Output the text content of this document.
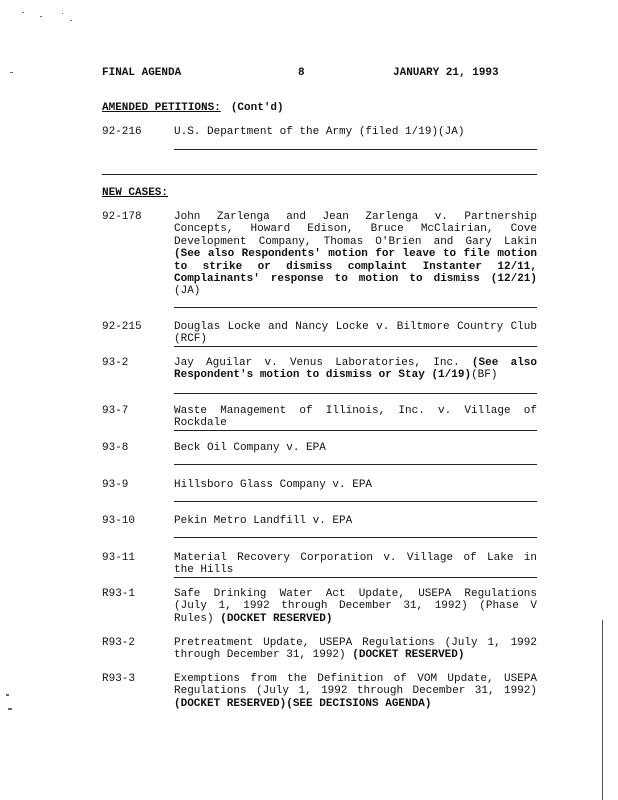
FINAL AGENDA	8	JANUARY 21, 1993
AMENDED PETITIONS: (Cont'd)
92-216	U.S. Department of the Army (filed 1/19)(JA)
NEW CASES:
92-178	John Zarlenga and Jean Zarlenga v. Partnership Concepts, Howard Edison, Bruce McClairian, Cove Development Company, Thomas O'Brien and Gary Lakin (See also Respondents' motion for leave to file motion to strike or dismiss complaint Instanter 12/11, Complainants' response to motion to dismiss (12/21)(JA)
92-215	Douglas Locke and Nancy Locke v. Biltmore Country Club (RCF)
93-2	Jay Aguilar v. Venus Laboratories, Inc. (See also Respondent's motion to dismiss or Stay (1/19)(BF)
93-7	Waste Management of Illinois, Inc. v. Village of Rockdale
93-8	Beck Oil Company v. EPA
93-9	Hillsboro Glass Company v. EPA
93-10	Pekin Metro Landfill v. EPA
93-11	Material Recovery Corporation v. Village of Lake in the Hills
R93-1	Safe Drinking Water Act Update, USEPA Regulations (July 1, 1992 through December 31, 1992) (Phase V Rules) (DOCKET RESERVED)
R93-2	Pretreatment Update, USEPA Regulations (July 1, 1992 through December 31, 1992) (DOCKET RESERVED)
R93-3	Exemptions from the Definition of VOM Update, USEPA Regulations (July 1, 1992 through December 31, 1992) (DOCKET RESERVED)(SEE DECISIONS AGENDA)
